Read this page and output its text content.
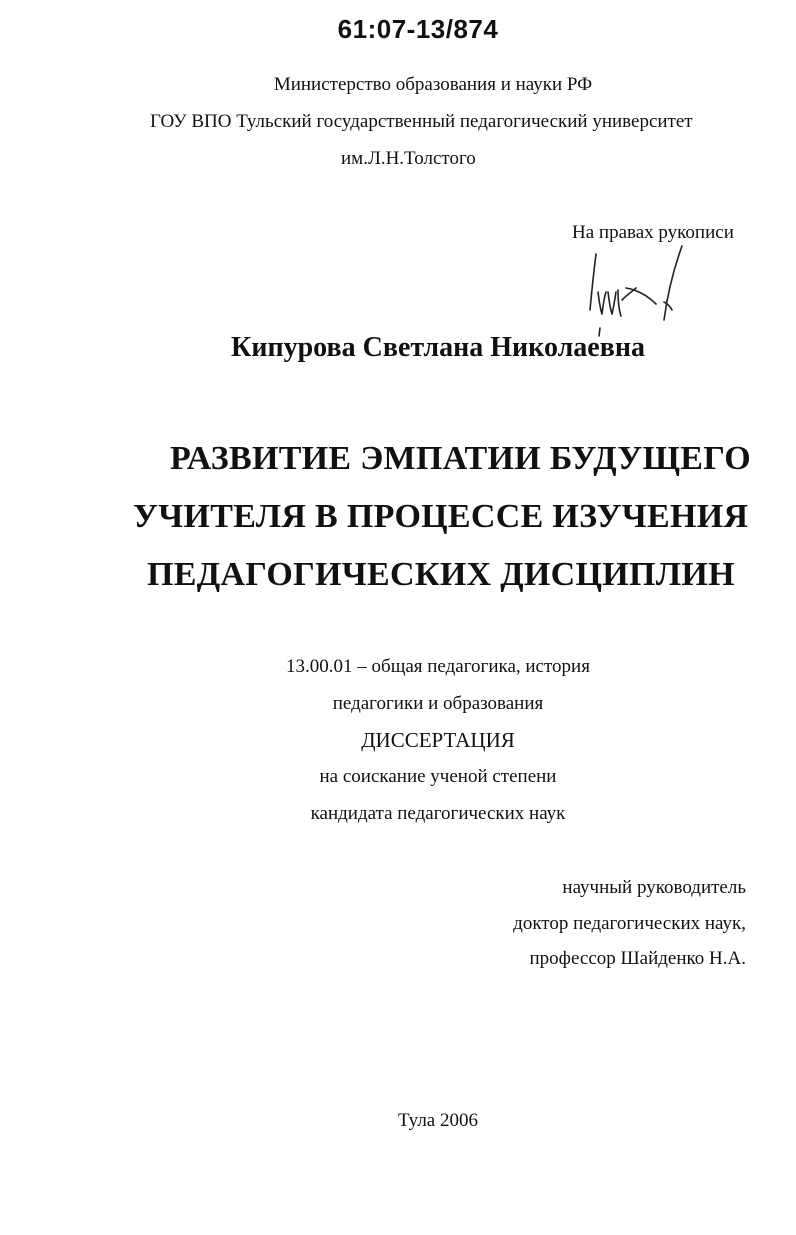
61:07-13/874
Министерство образования и науки РФ
ГОУ ВПО Тульский государственный педагогический университет
им.Л.Н.Толстого
На правах рукописи
Кипурова Светлана Николаевна
РАЗВИТИЕ ЭМПАТИИ БУДУЩЕГО
УЧИТЕЛЯ В ПРОЦЕССЕ ИЗУЧЕНИЯ
ПЕДАГОГИЧЕСКИХ ДИСЦИПЛИН
13.00.01 – общая педагогика, история
педагогики и образования
ДИССЕРТАЦИЯ
на соискание ученой степени
кандидата педагогических наук
научный руководитель
доктор педагогических наук,
профессор Шайденко Н.А.
Тула 2006
